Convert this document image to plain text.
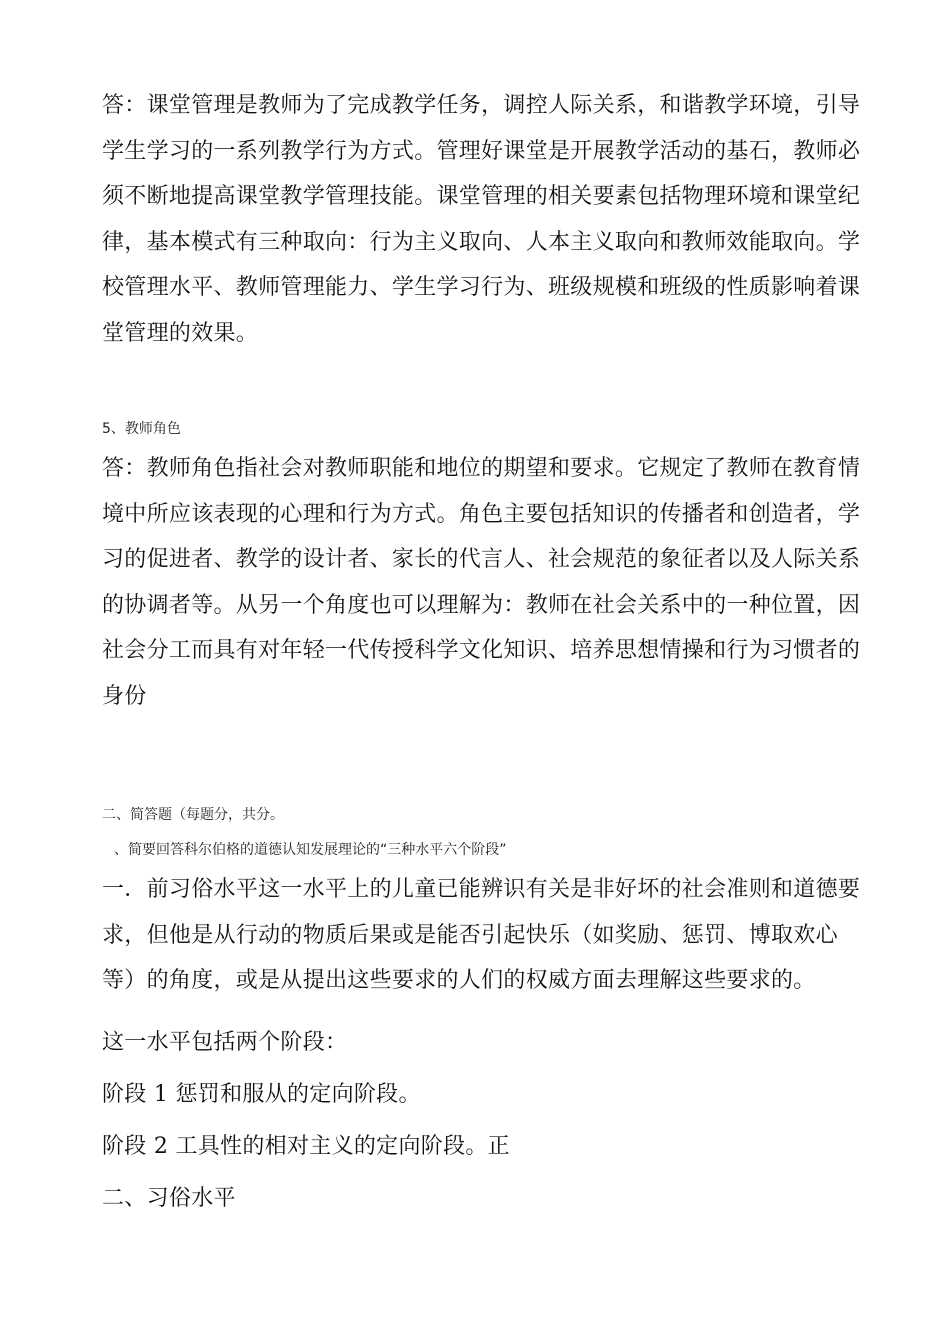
答：课堂管理是教师为了完成教学任务，调控人际关系，和谐教学环境，引导
学生学习的一系列教学行为方式。管理好课堂是开展教学活动的基石，教师必
须不断地提高课堂教学管理技能。课堂管理的相关要素包括物理环境和课堂纪
律，基本模式有三种取向：行为主义取向、人本主义取向和教师效能取向。学
校管理水平、教师管理能力、学生学习行为、班级规模和班级的性质影响着课
堂管理的效果。

5、教师角色

答：教师角色指社会对教师职能和地位的期望和要求。它规定了教师在教育情
境中所应该表现的心理和行为方式。角色主要包括知识的传播者和创造者，学
习的促进者、教学的设计者、家长的代言人、社会规范的象征者以及人际关系
的协调者等。从另一个角度也可以理解为：教师在社会关系中的一种位置，因
社会分工而具有对年轻一代传授科学文化知识、培养思想情操和行为习惯者的
身份

二、简答题（每题分，共分。

、简要回答科尔伯格的道德认知发展理论的“三种水平六个阶段”

一．前习俗水平这一水平上的儿童已能辨识有关是非好坏的社会准则和道德要
求，但他是从行动的物质后果或是能否引起快乐（如奖励、惩罚、博取欢心
等）的角度，或是从提出这些要求的人们的权威方面去理解这些要求的。

这一水平包括两个阶段：

阶段 1 惩罚和服从的定向阶段。

阶段 2 工具性的相对主义的定向阶段。正

二、习俗水平
